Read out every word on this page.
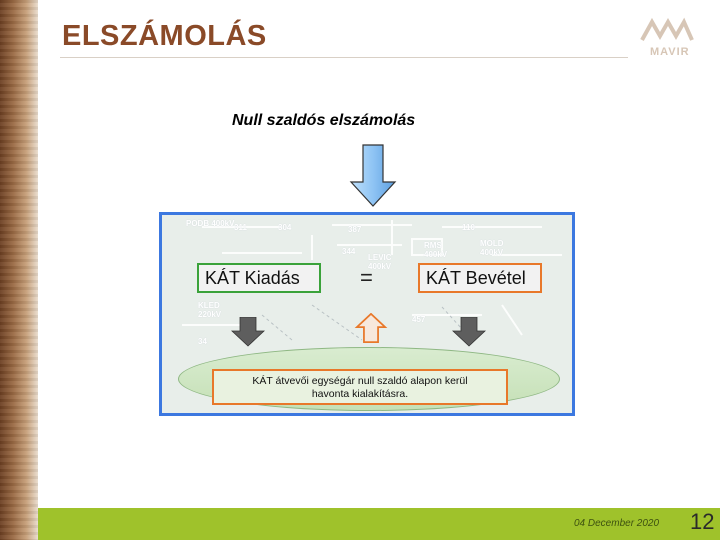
ELSZÁMOLÁS	MAVIR
Null szaldós elszámolás
PODB 400kV 311	304	387	110
RMS 400kV
MOLD 400kV
LEVIC 400kV
KLED 220kV
457
344
34
KÁT Kiadás	=	KÁT Bevétel
KÁT átvevői egységár null szaldó alapon kerül
havonta kialakításra.
04 December 2020 12
